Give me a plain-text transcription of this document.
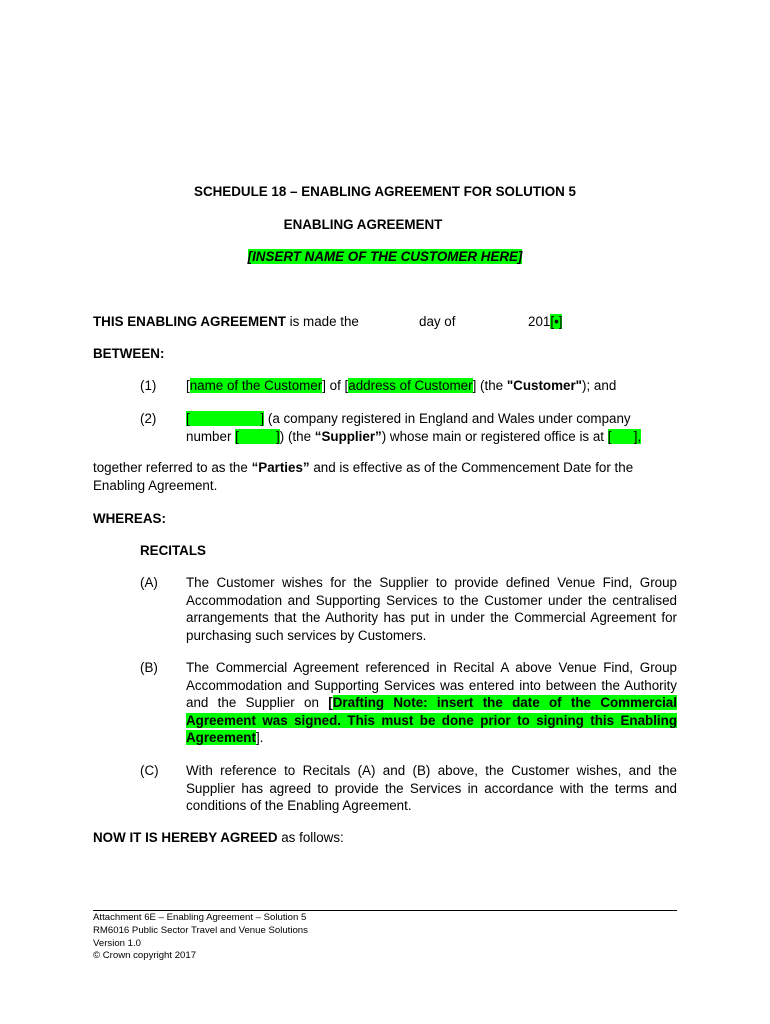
SCHEDULE 18 – ENABLING AGREEMENT FOR SOLUTION 5
ENABLING AGREEMENT
[INSERT NAME OF THE CUSTOMER HERE]
THIS ENABLING AGREEMENT is made the	day of	201[•]
BETWEEN:
(1) [name of the Customer] of [address of Customer] (the "Customer"); and
(2) [                   ] (a company registered in England and Wales under company
number [          ]) (the “Supplier”) whose main or registered office is at [      ],
together referred to as the “Parties” and is effective as of the Commencement Date for the Enabling Agreement.
WHEREAS:
RECITALS
(A) The Customer wishes for the Supplier to provide defined Venue Find, Group Accommodation and Supporting Services to the Customer under the centralised arrangements that the Authority has put in under the Commercial Agreement for purchasing such services by Customers.
(B) The Commercial Agreement referenced in Recital A above Venue Find, Group Accommodation and Supporting Services was entered into between the Authority and the Supplier on [Drafting Note: insert the date of the Commercial Agreement was signed. This must be done prior to signing this Enabling Agreement].
(C) With reference to Recitals (A) and (B) above, the Customer wishes, and the Supplier has agreed to provide the Services in accordance with the terms and conditions of the Enabling Agreement.
NOW IT IS HEREBY AGREED as follows:
Attachment 6E – Enabling Agreement – Solution 5
RM6016 Public Sector Travel and Venue Solutions
Version 1.0
© Crown copyright 2017
